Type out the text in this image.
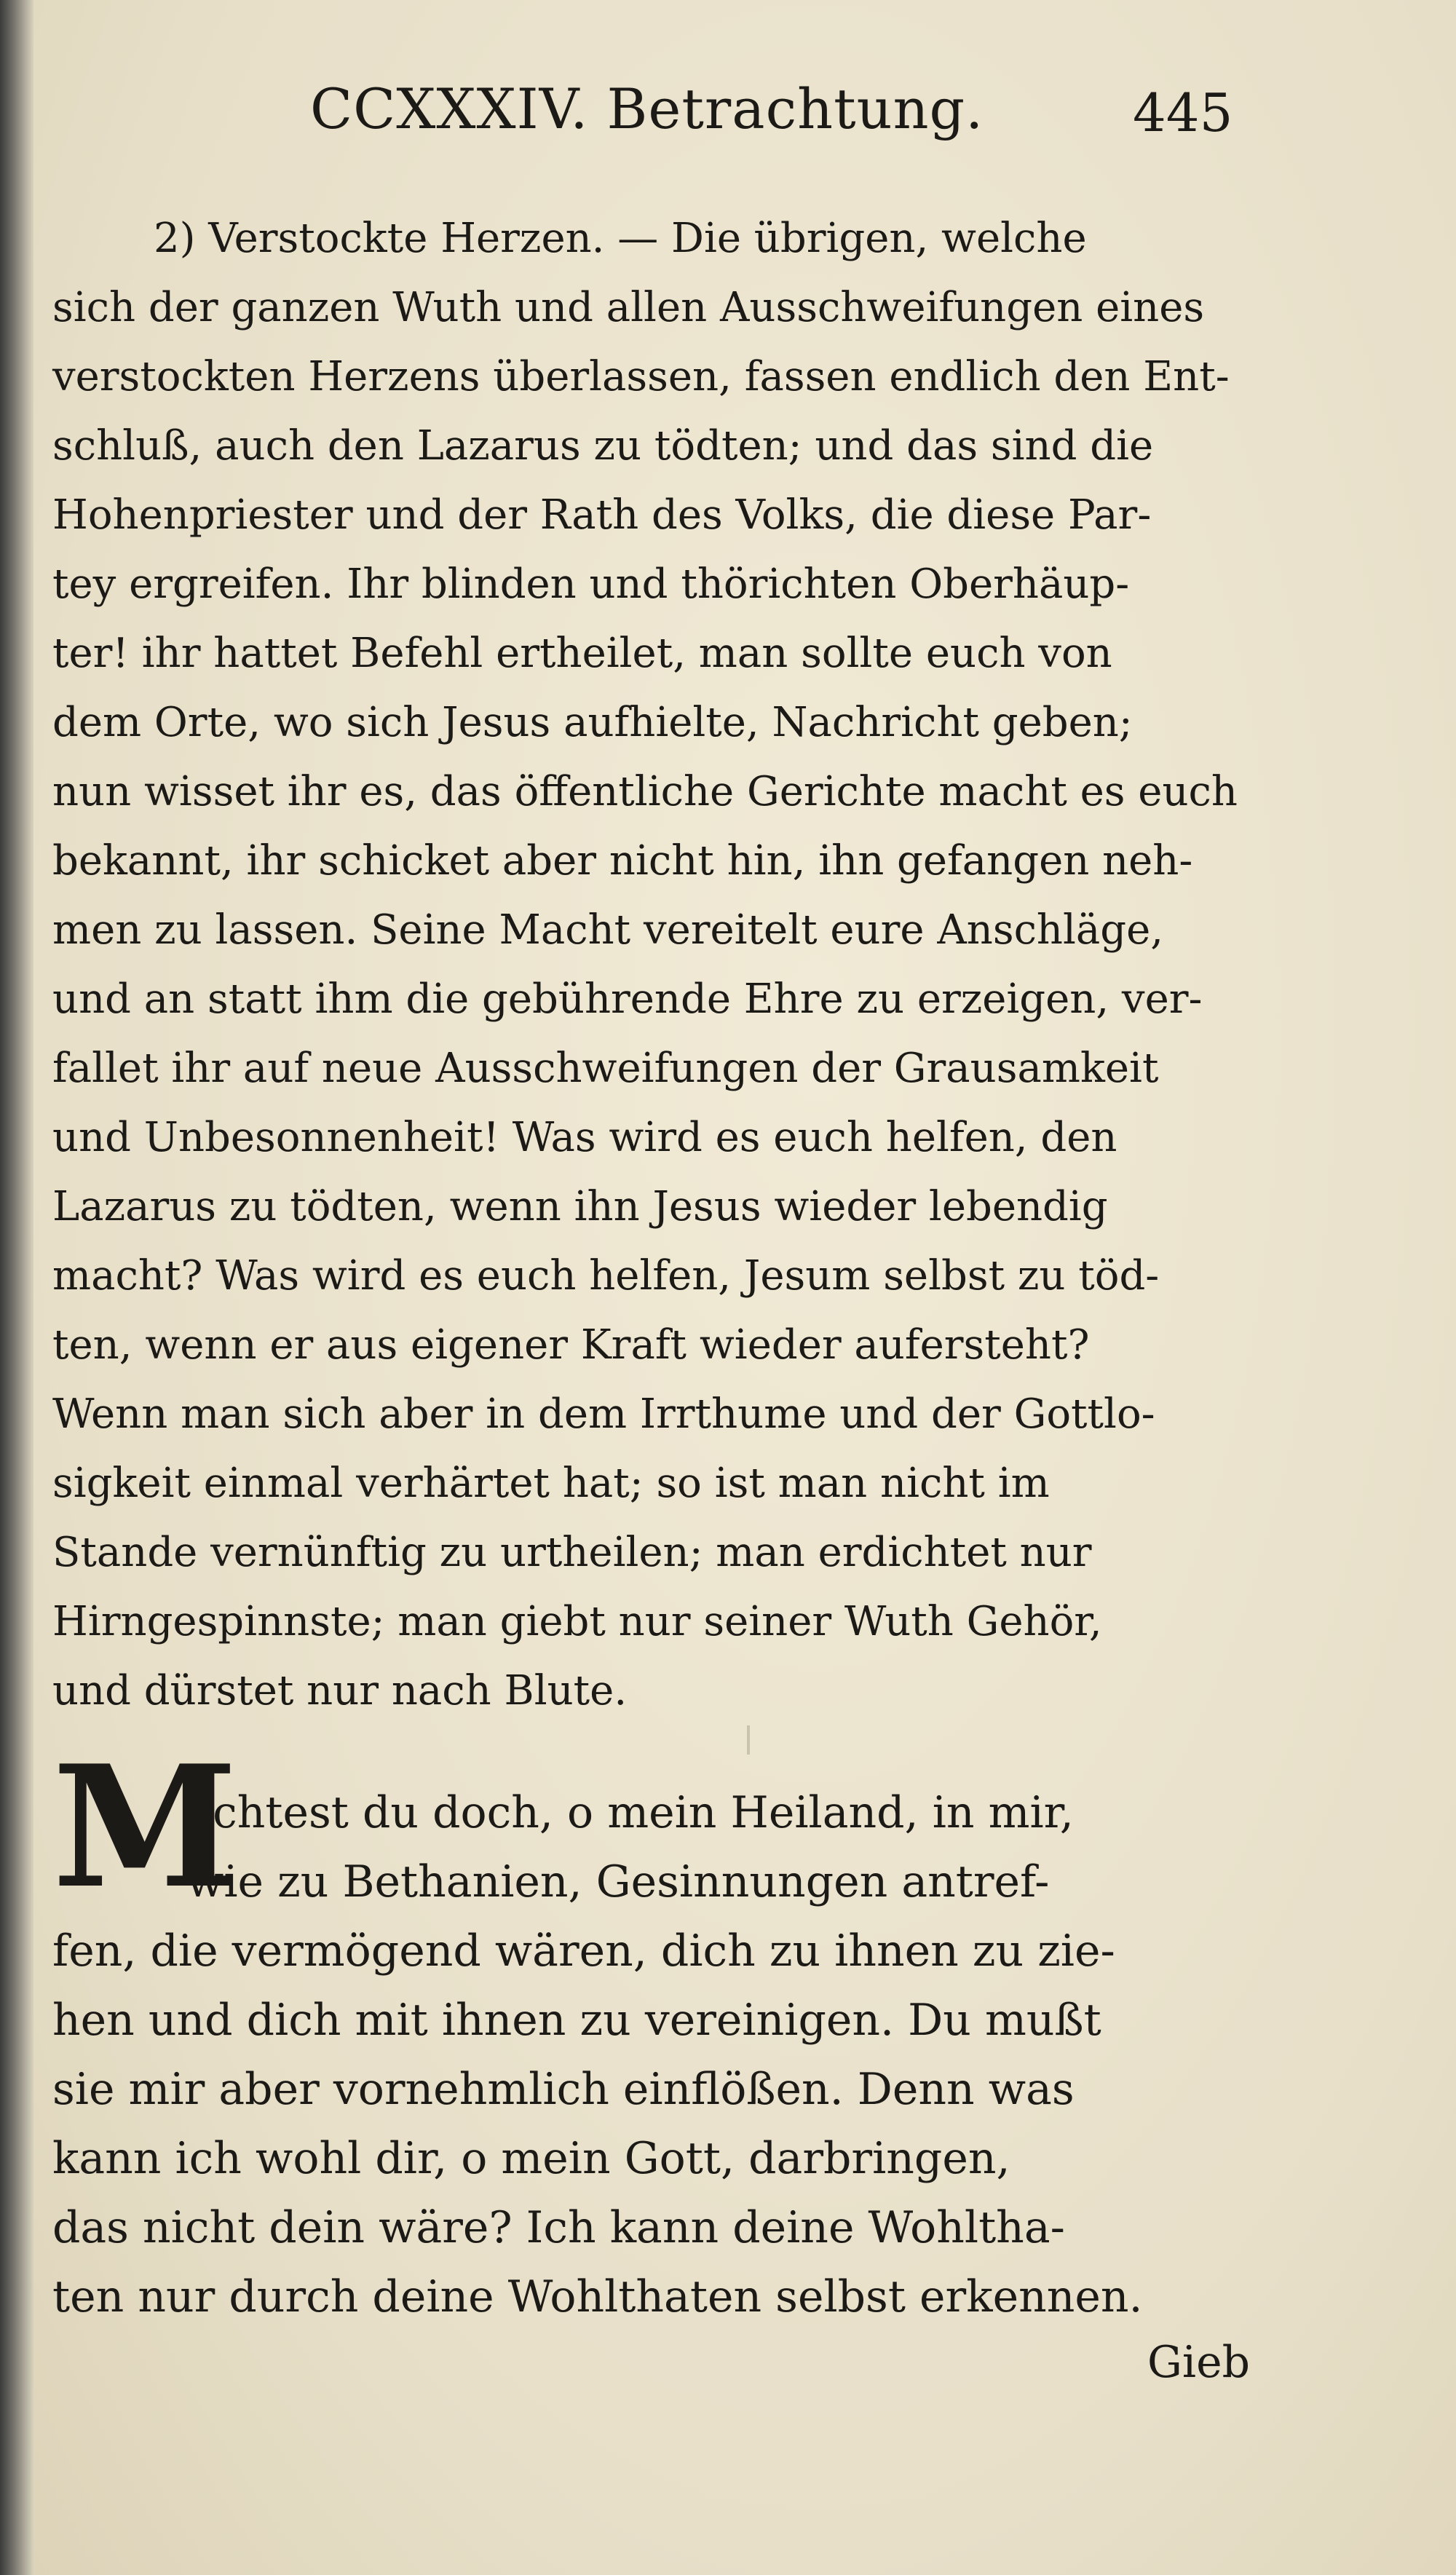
CCXXXIV. Betrachtung.	445
2) Verstockte Herzen. — Die übrigen, welche
sich der ganzen Wuth und allen Ausschweifungen eines
verstockten Herzens überlassen, fassen endlich den Ent-
schluß, auch den Lazarus zu tödten; und das sind die
Hohenpriester und der Rath des Volks, die diese Par-
tey ergreifen. Ihr blinden und thörichten Oberhäup-
ter! ihr hattet Befehl ertheilet, man sollte euch von
dem Orte, wo sich Jesus aufhielte, Nachricht geben;
nun wisset ihr es, das öffentliche Gerichte macht es euch
bekannt, ihr schicket aber nicht hin, ihn gefangen neh-
men zu lassen. Seine Macht vereitelt eure Anschläge,
und an statt ihm die gebührende Ehre zu erzeigen, ver-
fallet ihr auf neue Ausschweifungen der Grausamkeit
und Unbesonnenheit! Was wird es euch helfen, den
Lazarus zu tödten, wenn ihn Jesus wieder lebendig
macht? Was wird es euch helfen, Jesum selbst zu töd-
ten, wenn er aus eigener Kraft wieder aufersteht?
Wenn man sich aber in dem Irrthume und der Gottlo-
sigkeit einmal verhärtet hat; so ist man nicht im
Stande vernünftig zu urtheilen; man erdichtet nur
Hirngespinnste; man giebt nur seiner Wuth Gehör,
und dürstet nur nach Blute.
M
öchtest du doch, o mein Heiland, in mir,
wie zu Bethanien, Gesinnungen antref-
fen, die vermögend wären, dich zu ihnen zu zie-
hen und dich mit ihnen zu vereinigen. Du mußt
sie mir aber vornehmlich einflößen. Denn was
kann ich wohl dir, o mein Gott, darbringen,
das nicht dein wäre? Ich kann deine Wohltha-
ten nur durch deine Wohlthaten selbst erkennen.
Gieb
